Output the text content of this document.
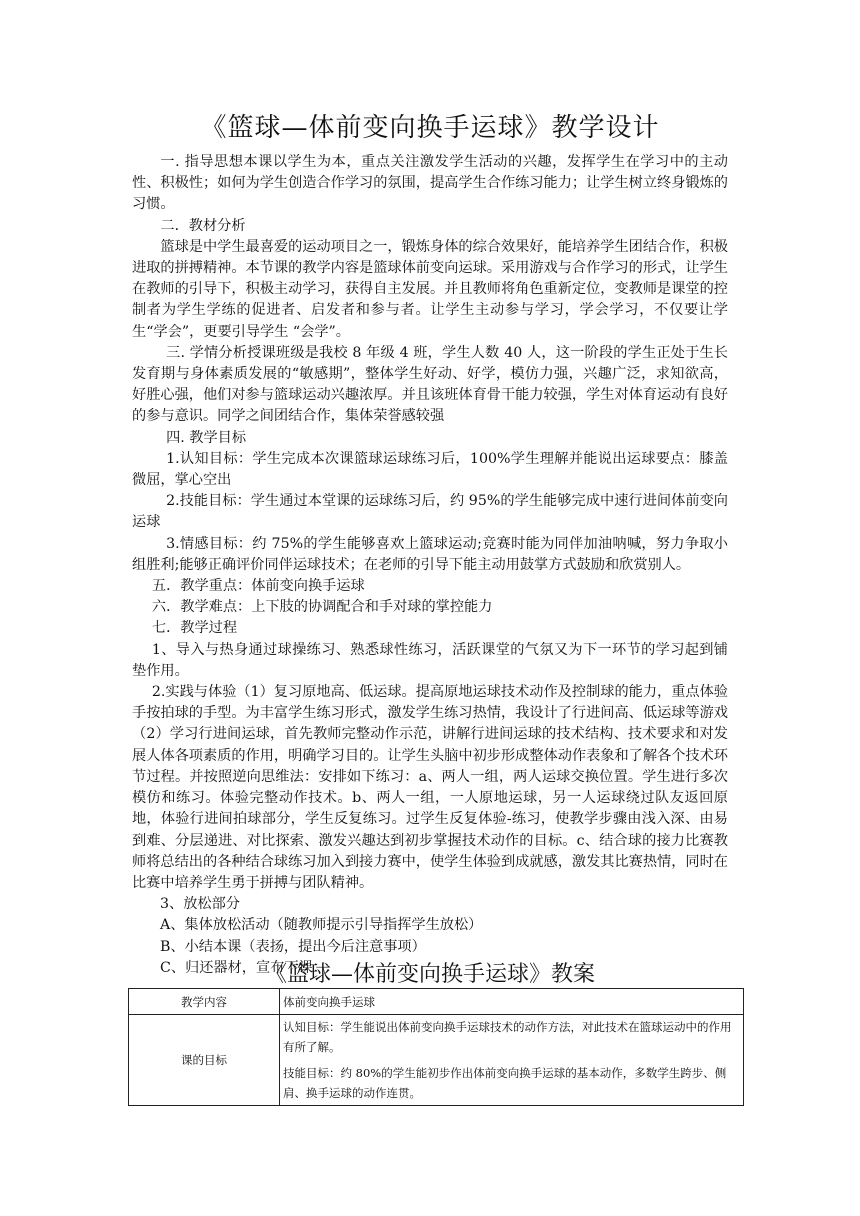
《篮球—体前变向换手运球》教学设计

一. 指导思想本课以学生为本，重点关注激发学生活动的兴趣，发挥学生在学习中的主动性、积极性；如何为学生创造合作学习的氛围，提高学生合作练习能力；让学生树立终身锻炼的习惯。

二．教材分析

篮球是中学生最喜爱的运动项目之一，锻炼身体的综合效果好，能培养学生团结合作，积极进取的拼搏精神。本节课的教学内容是篮球体前变向运球。采用游戏与合作学习的形式，让学生在教师的引导下，积极主动学习，获得自主发展。并且教师将角色重新定位，变教师是课堂的控制者为学生学练的促进者、启发者和参与者。让学生主动参与学习，学会学习，不仅要让学生“学会”，更要引导学生 “会学”。

三. 学情分析授课班级是我校 8 年级 4 班，学生人数 40 人，这一阶段的学生正处于生长发育期与身体素质发展的“敏感期”，整体学生好动、好学，模仿力强，兴趣广泛，求知欲高，好胜心强，他们对参与篮球运动兴趣浓厚。并且该班体育骨干能力较强，学生对体育运动有良好的参与意识。同学之间团结合作，集体荣誉感较强

四. 教学目标

1.认知目标：学生完成本次课篮球运球练习后，100%学生理解并能说出运球要点：膝盖微屈，掌心空出

2.技能目标：学生通过本堂课的运球练习后，约 95%的学生能够完成中速行进间体前变向运球

3.情感目标：约 75%的学生能够喜欢上篮球运动;竞赛时能为同伴加油呐喊，努力争取小组胜利;能够正确评价同伴运球技术；在老师的引导下能主动用鼓掌方式鼓励和欣赏别人。

五．教学重点：体前变向换手运球

六．教学难点：上下肢的协调配合和手对球的掌控能力

七．教学过程

1、导入与热身通过球操练习、熟悉球性练习，活跃课堂的气氛又为下一环节的学习起到铺垫作用。

2.实践与体验（1）复习原地高、低运球。提高原地运球技术动作及控制球的能力，重点体验手按拍球的手型。为丰富学生练习形式，激发学生练习热情，我设计了行进间高、低运球等游戏（2）学习行进间运球，首先教师完整动作示范，讲解行进间运球的技术结构、技术要求和对发展人体各项素质的作用，明确学习目的。让学生头脑中初步形成整体动作表象和了解各个技术环节过程。并按照逆向思维法：安排如下练习：a、两人一组，两人运球交换位置。学生进行多次模仿和练习。体验完整动作技术。b、两人一组，一人原地运球，另一人运球绕过队友返回原地，体验行进间拍球部分，学生反复练习。过学生反复体验-练习，使教学步骤由浅入深、由易到难、分层递进、对比探索、激发兴趣达到初步掌握技术动作的目标。c、结合球的接力比赛教师将总结出的各种结合球练习加入到接力赛中，使学生体验到成就感，激发其比赛热情，同时在比赛中培养学生勇于拼搏与团队精神。

3、放松部分

A、集体放松活动（随教师提示引导指挥学生放松）

B、小结本课（表扬，提出今后注意事项）

C、归还器材，宣布下课

《篮球—体前变向换手运球》教案
教学内容	体前变向换手运球
课的目标	认知目标：学生能说出体前变向换手运球技术的动作方法，对此技术在篮球运动中的作用有所了解。

技能目标：约 80%的学生能初步作出体前变向换手运球的基本动作，多数学生跨步、侧肩、换手运球的动作连贯。
